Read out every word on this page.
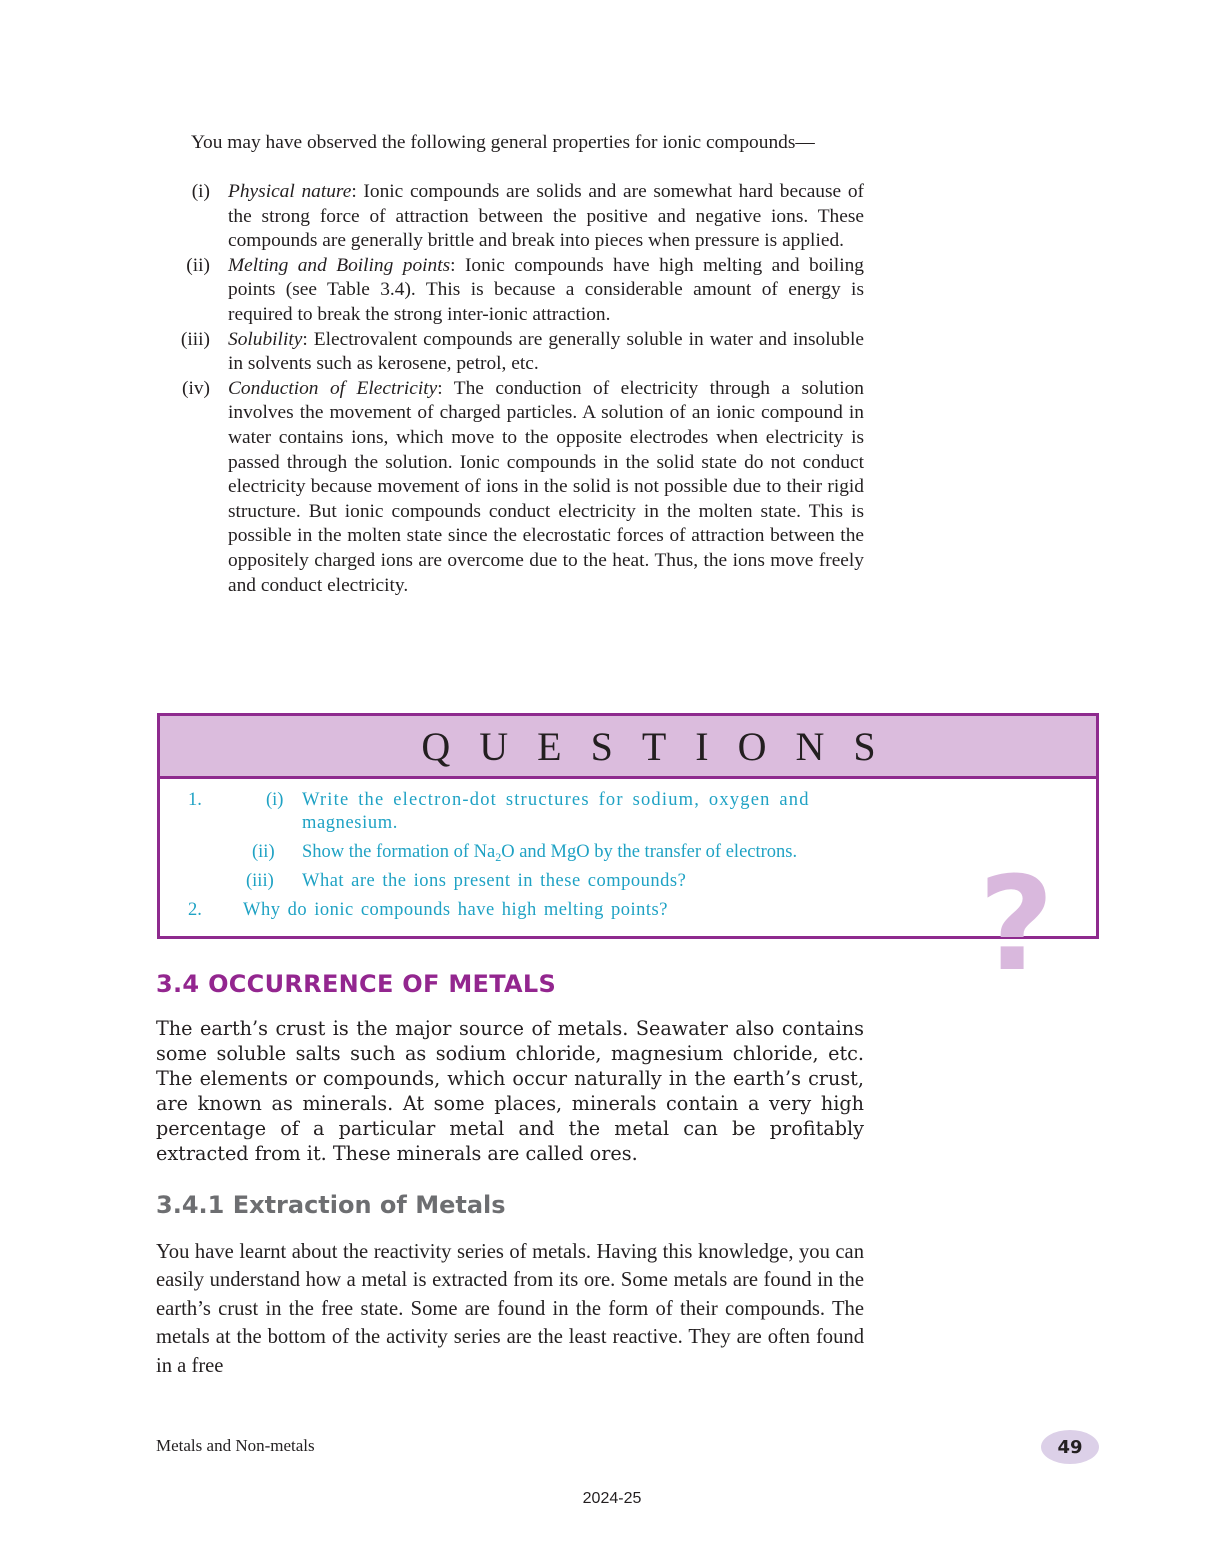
You may have observed the following general properties for ionic compounds—
(i) Physical nature: Ionic compounds are solids and are somewhat hard because of the strong force of attraction between the positive and negative ions. These compounds are generally brittle and break into pieces when pressure is applied.
(ii) Melting and Boiling points: Ionic compounds have high melting and boiling points (see Table 3.4). This is because a considerable amount of energy is required to break the strong inter-ionic attraction.
(iii) Solubility: Electrovalent compounds are generally soluble in water and insoluble in solvents such as kerosene, petrol, etc.
(iv) Conduction of Electricity: The conduction of electricity through a solution involves the movement of charged particles. A solution of an ionic compound in water contains ions, which move to the opposite electrodes when electricity is passed through the solution. Ionic compounds in the solid state do not conduct electricity because movement of ions in the solid is not possible due to their rigid structure. But ionic compounds conduct electricity in the molten state. This is possible in the molten state since the elecrostatic forces of attraction between the oppositely charged ions are overcome due to the heat. Thus, the ions move freely and conduct electricity.
QUESTIONS
1.	(i) Write the electron-dot structures for sodium, oxygen and
magnesium.
(ii) Show the formation of $Na_2O$ and MgO by the transfer of electrons.
(iii) What are the ions present in these compounds?
2. Why do ionic compounds have high melting points? ?
3.4 OCCURRENCE OF METALS
The earth’s crust is the major source of metals. Seawater also contains some soluble salts such as sodium chloride, magnesium chloride, etc. The elements or compounds, which occur naturally in the earth’s crust, are known as minerals. At some places, minerals contain a very high percentage of a particular metal and the metal can be profitably extracted from it. These minerals are called ores.
3.4.1 Extraction of Metals
You have learnt about the reactivity series of metals. Having this knowledge, you can easily understand how a metal is extracted from its ore. Some metals are found in the earth’s crust in the free state. Some are found in the form of their compounds. The metals at the bottom of the activity series are the least reactive. They are often found in a free
Metals and Non-metals	49
2024-25
